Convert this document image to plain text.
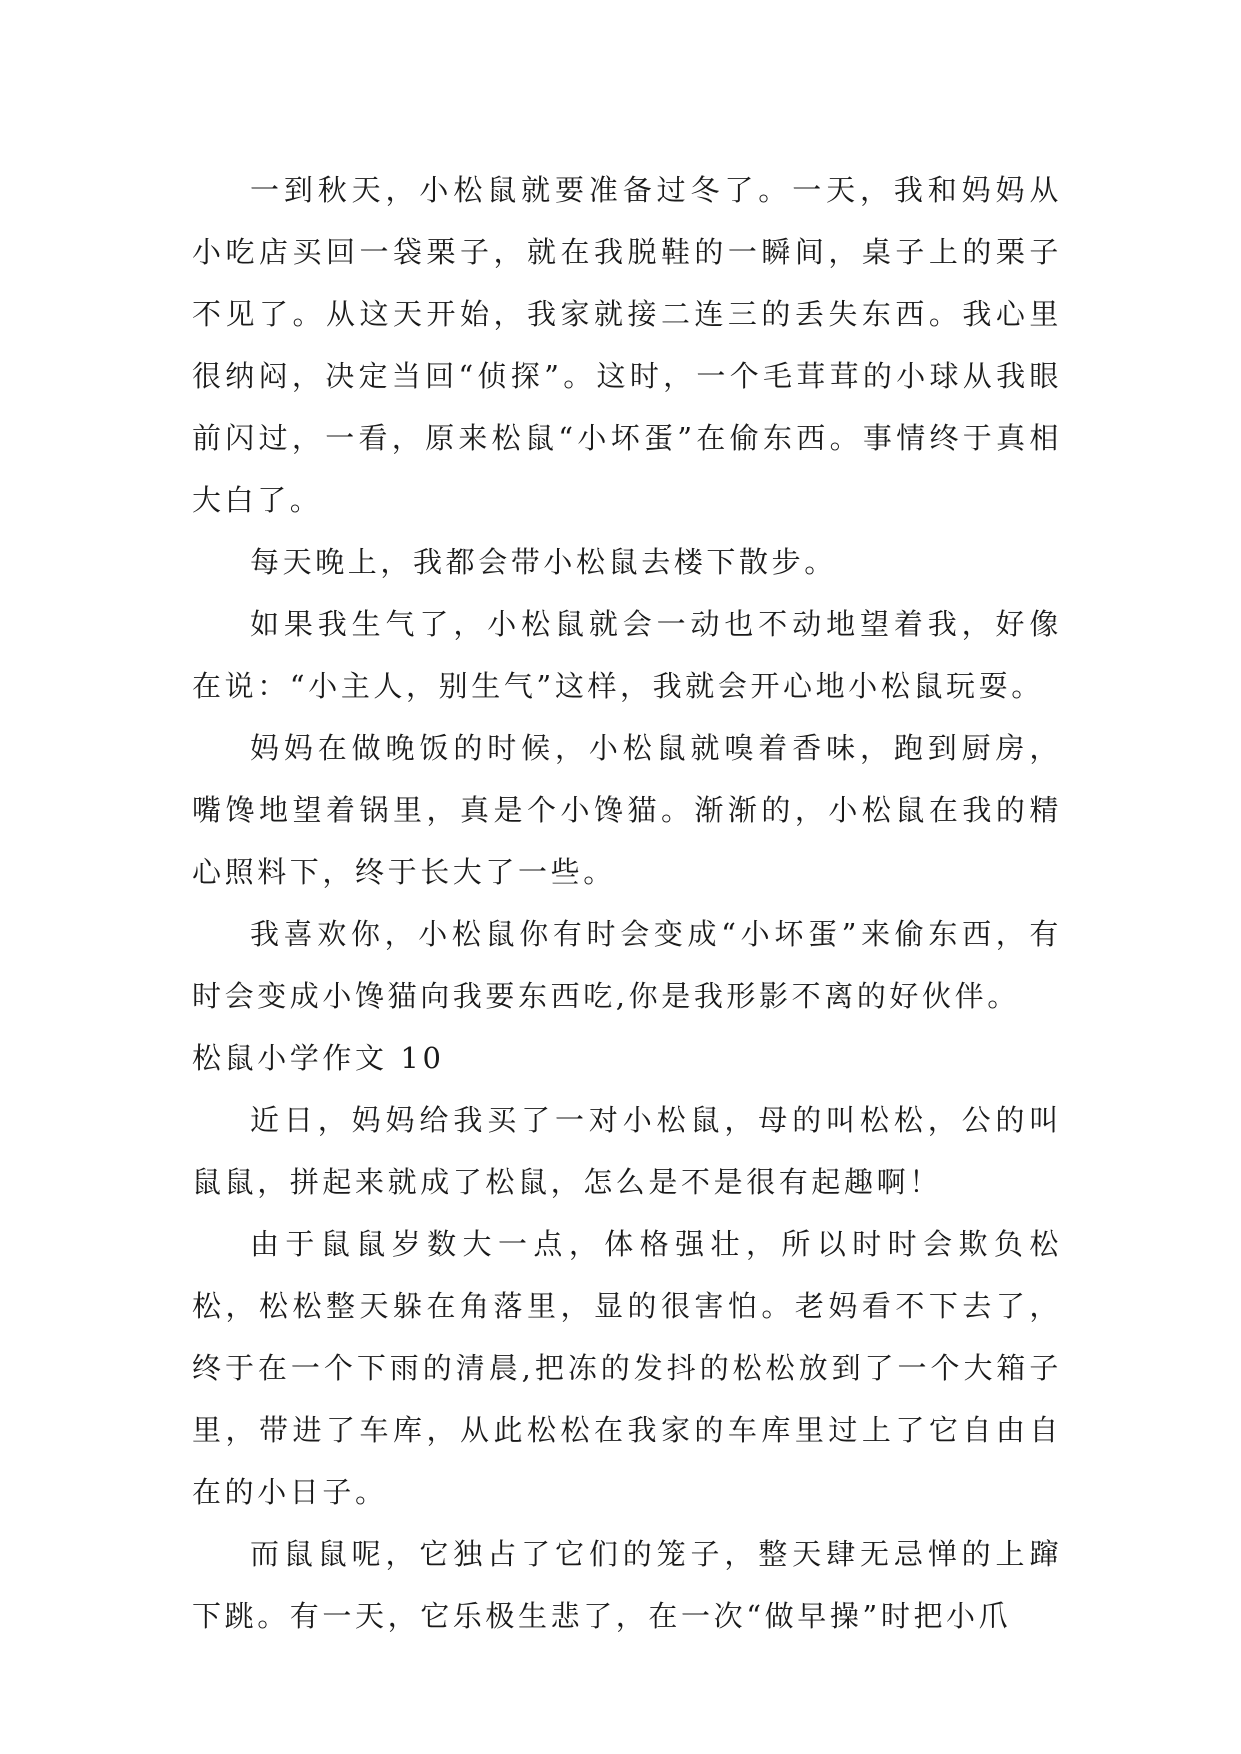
一到秋天，小松鼠就要准备过冬了。一天，我和妈妈从小吃店买回一袋栗子，就在我脱鞋的一瞬间，桌子上的栗子不见了。从这天开始，我家就接二连三的丢失东西。我心里很纳闷，决定当回“侦探”。这时，一个毛茸茸的小球从我眼前闪过，一看，原来松鼠“小坏蛋”在偷东西。事情终于真相大白了。

每天晚上，我都会带小松鼠去楼下散步。

如果我生气了，小松鼠就会一动也不动地望着我，好像在说：“小主人，别生气”这样，我就会开心地小松鼠玩耍。

妈妈在做晚饭的时候，小松鼠就嗅着香味，跑到厨房，嘴馋地望着锅里，真是个小馋猫。渐渐的，小松鼠在我的精心照料下，终于长大了一些。

我喜欢你，小松鼠你有时会变成“小坏蛋”来偷东西，有时会变成小馋猫向我要东西吃,你是我形影不离的好伙伴。

松鼠小学作文 10

近日，妈妈给我买了一对小松鼠，母的叫松松，公的叫鼠鼠，拼起来就成了松鼠，怎么是不是很有起趣啊！

由于鼠鼠岁数大一点，体格强壮，所以时时会欺负松松，松松整天躲在角落里，显的很害怕。老妈看不下去了，终于在一个下雨的清晨,把冻的发抖的松松放到了一个大箱子里，带进了车库，从此松松在我家的车库里过上了它自由自在的小日子。

而鼠鼠呢，它独占了它们的笼子，整天肆无忌惮的上蹿下跳。有一天，它乐极生悲了，在一次“做早操”时把小爪
